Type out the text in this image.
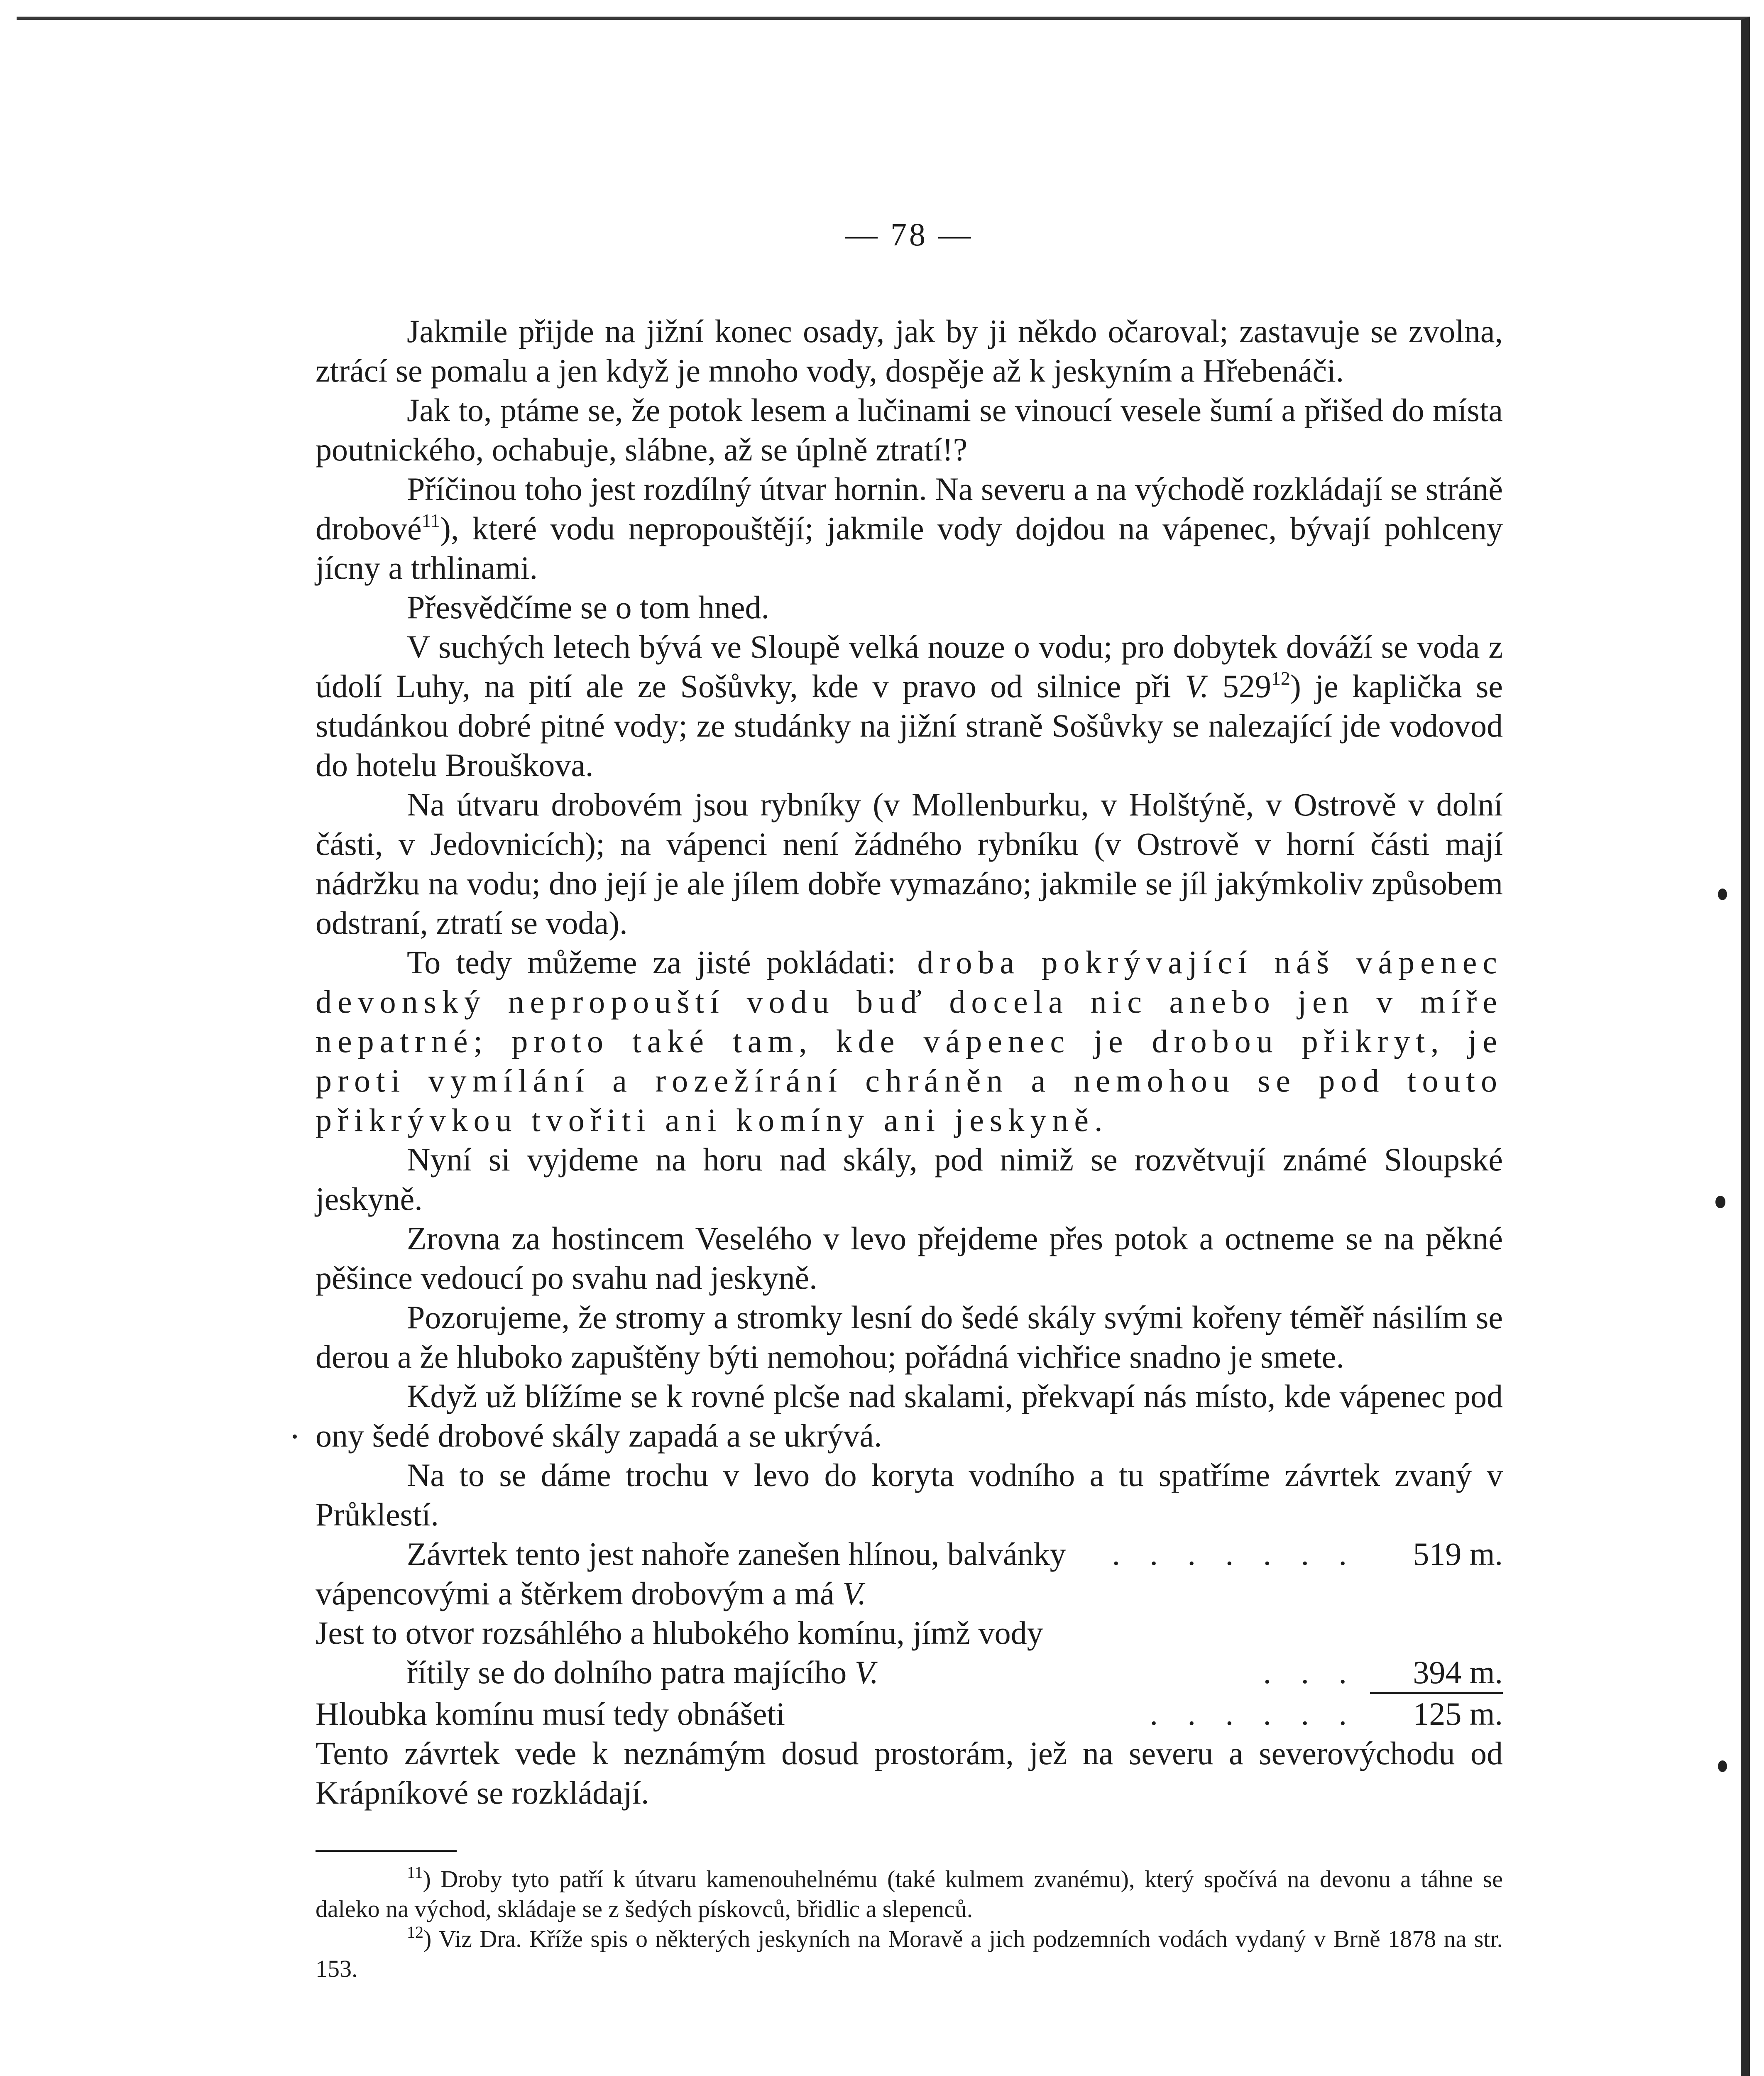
— 78 —

Jakmile přijde na jižní konec osady, jak by ji někdo očaroval; zastavuje se zvolna, ztrácí se pomalu a jen když je mnoho vody, dospěje až k jeskyním a Hřebenáči.

Jak to, ptáme se, že potok lesem a lučinami se vinoucí vesele šumí a přišed do místa poutnického, ochabuje, slábne, až se úplně ztratí!?

Příčinou toho jest rozdílný útvar hornin. Na severu a na východě rozkládají se stráně drobové$^{11}$), které vodu nepropouštějí; jakmile vody dojdou na vápenec, bývají pohlceny jícny a trhlinami.

Přesvědčíme se o tom hned.

V suchých letech bývá ve Sloupě velká nouze o vodu; pro dobytek dováží se voda z údolí Luhy, na pití ale ze Sošůvky, kde v pravo od silnice při V. $529^{12}$) je kaplička se studánkou dobré pitné vody; ze studánky na jižní straně Sošůvky se nalezající jde vodovod do hotelu Brouškova.

Na útvaru drobovém jsou rybníky (v Mollenburku, v Holštýně, v Ostrově v dolní části, v Jedovnicích); na vápenci není žádného rybníku (v Ostrově v horní části mají nádržku na vodu; dno její je ale jílem dobře vymazáno; jakmile se jíl jakýmkoliv způsobem odstraní, ztratí se voda).

To tedy můžeme za jisté pokládati: droba pokrývající náš vápenec devonský nepropouští vodu buď docela nic anebo jen v míře nepatrné; proto také tam, kde vápenec je drobou přikryt, je proti vymílání a rozežírání chráněn a nemohou se pod touto přikrývkou tvořiti ani komíny ani jeskyně.

Nyní si vyjdeme na horu nad skály, pod nimiž se rozvětvují známé Sloupské jeskyně.

Zrovna za hostincem Veselého v levo přejdeme přes potok a octneme se na pěkné pěšince vedoucí po svahu nad jeskyně.

Pozorujeme, že stromy a stromky lesní do šedé skály svými kořeny téměř násilím se derou a že hluboko zapuštěny býti nemohou; pořádná vichřice snadno je smete.

Když už blížíme se k rovné plcše nad skalami, překvapí nás místo, kde vápenec pod ony šedé drobové skály zapadá a se ukrývá.

Na to se dáme trochu v levo do koryta vodního a tu spatříme závrtek zvaný v Průklestí.

Závrtek tento jest nahoře zanešen hlínou, balvánky vápencovými a štěrkem drobovým a má V.
. . . . . . .	519 m.

Jest to otvor rozsáhlého a hlubokého komínu, jímž vody

řítily se do dolního patra majícího V.	. . .	394 m.
Hloubka komínu musí tedy obnášeti	. . . . . .	125 m.

Tento závrtek vede k neznámým dosud prostorám, jež na severu a severovýchodu od Krápníkové se rozkládají.

$^{11}$) Droby tyto patří k útvaru kamenouhelnému (také kulmem zvanému), který spočívá na devonu a táhne se daleko na východ, skládaje se z šedých pískovců, břidlic a slepenců.

$^{12}$) Viz Dra. Kříže spis o některých jeskyních na Moravě a jich podzemních vodách vydaný v Brně 1878 na str. 153.
